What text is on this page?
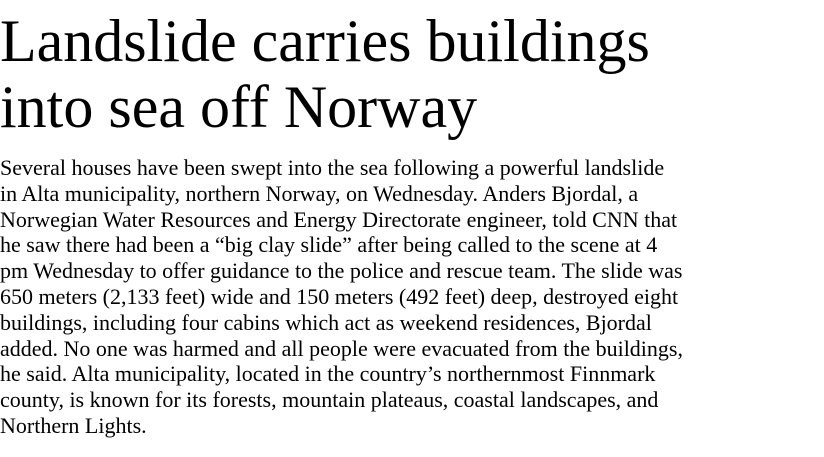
Landslide carries buildings
into sea off Norway

Several houses have been swept into the sea following a powerful landslide
in Alta municipality, northern Norway, on Wednesday. Anders Bjordal, a
Norwegian Water Resources and Energy Directorate engineer, told CNN that
he saw there had been a “big clay slide” after being called to the scene at 4
pm Wednesday to offer guidance to the police and rescue team. The slide was
650 meters (2,133 feet) wide and 150 meters (492 feet) deep, destroyed eight
buildings, including four cabins which act as weekend residences, Bjordal
added. No one was harmed and all people were evacuated from the buildings,
he said. Alta municipality, located in the country’s northernmost Finnmark
county, is known for its forests, mountain plateaus, coastal landscapes, and
Northern Lights.
